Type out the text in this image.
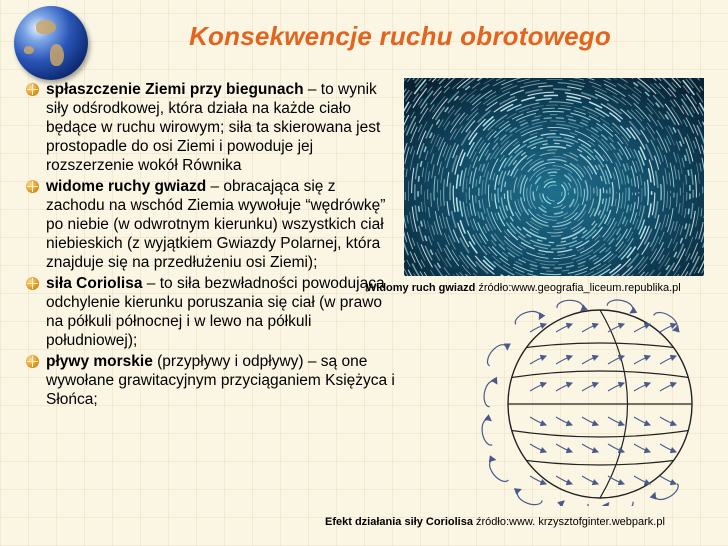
Konsekwencje ruchu obrotowego
spłaszczenie Ziemi przy biegunach – to wynik siły odśrodkowej, która działa na każde ciało będące w ruchu wirowym; siła ta skierowana jest prostopadle do osi Ziemi i powoduje jej rozszerzenie wokół Równika
widome ruchy gwiazd – obracająca się z zachodu na wschód Ziemia wywołuje “wędrówkę” po niebie (w odwrotnym kierunku) wszystkich ciał niebieskich (z wyjątkiem Gwiazdy Polarnej, która znajduje się na przedłużeniu osi Ziemi);
siła Coriolisa – to siła bezwładności powodująca odchylenie kierunku poruszania się ciał (w prawo na półkuli północnej i w lewo na półkuli południowej);
pływy morskie (przypływy i odpływy) – są one wywołane grawitacyjnym przyciąganiem Księżyca i Słońca;
Widomy ruch gwiazd źródło:www.geografia_liceum.republika.pl
Efekt działania siły Coriolisa źródło:www. krzysztofginter.webpark.pl
